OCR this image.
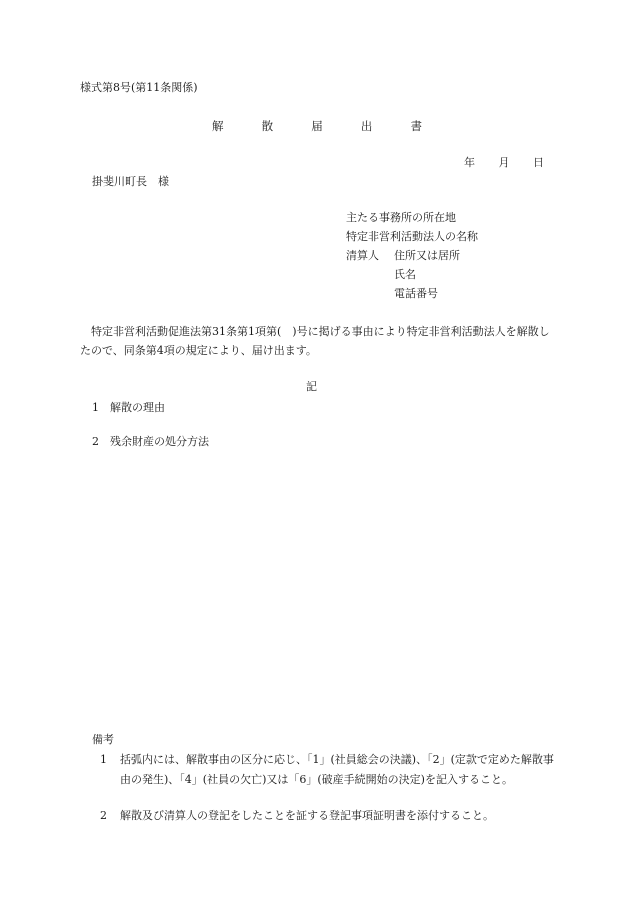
様式第8号(第11条関係)
解	散	届	出	書
年 月 日
掛斐川町長　様
主たる事務所の所在地
特定非営利活動法人の名称
清算人 住所又は居所
氏名
電話番号
特定非営利活動促進法第31条第1項第(　)号に掲げる事由により特定非営利活動法人を解散したので、同条第4項の規定により、届け出ます。
記
1 解散の理由
2 残余財産の処分方法
備考
1 括弧内には、解散事由の区分に応じ、「1」(社員総会の決議)、「2」(定款で定めた解散事由の発生)、「4」(社員の欠亡)又は「6」(破産手続開始の決定)を記入すること。
2 解散及び清算人の登記をしたことを証する登記事項証明書を添付すること。
